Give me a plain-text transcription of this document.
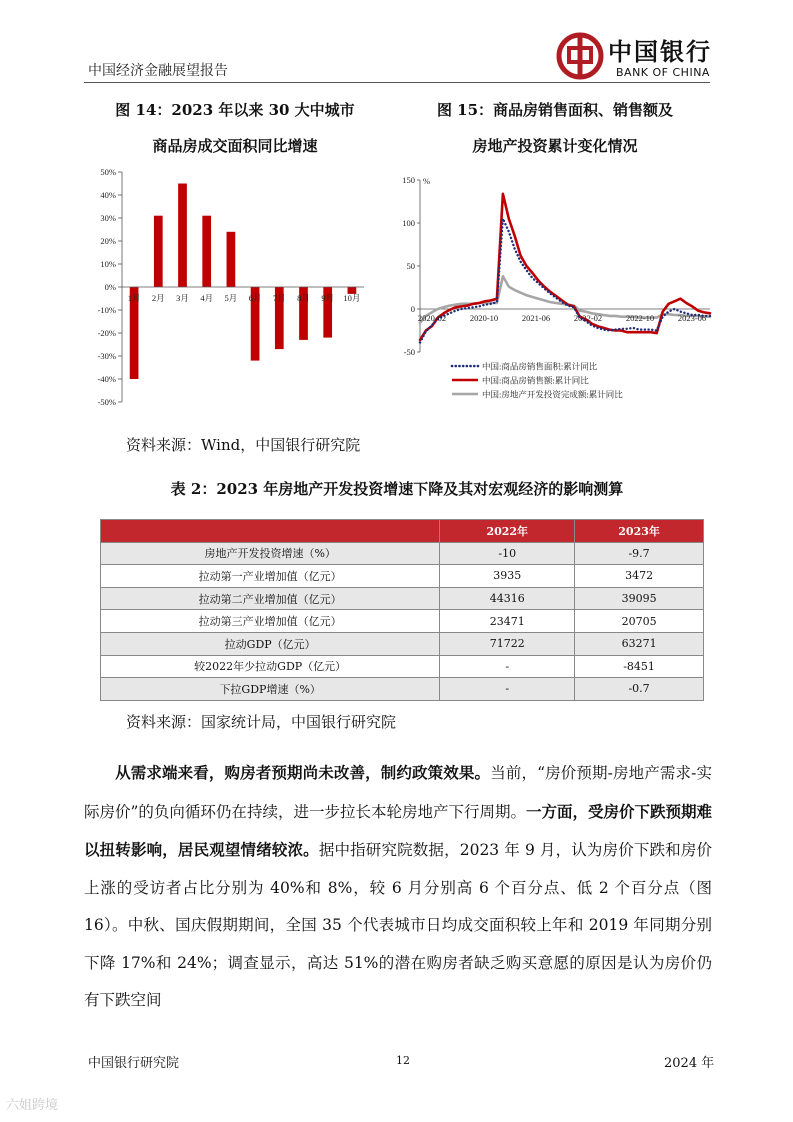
中国经济金融展望报告
中国银行
BANK OF CHINA
图 14：2023 年以来 30 大中城市
商品房成交面积同比增速
图 15：商品房销售面积、销售额及
房地产投资累计变化情况
50%
40%
30%
20%
10%
0%
-10%
-20%
-30%
-40%
-50%
1月 2月 3月 4月 5月 6月 7月 8月 9月 10月
%
150
100
50
0
-50
2020-02	2020-10	2021-06	2022-02	2022-10	2023-06
中国:商品房销售面积:累计同比
中国:商品房销售额:累计同比
中国:房地产开发投资完成额:累计同比
资料来源：Wind，中国银行研究院
表 2：2023 年房地产开发投资增速下降及其对宏观经济的影响测算
	2022年	2023年
房地产开发投资增速（%）	-10	-9.7
拉动第一产业增加值（亿元）	3935	3472
拉动第二产业增加值（亿元）	44316	39095
拉动第三产业增加值（亿元）	23471	20705
拉动GDP（亿元）	71722	63271
较2022年少拉动GDP（亿元）	-	-8451
下拉GDP增速（%）	-	-0.7
资料来源：国家统计局，中国银行研究院
从需求端来看，购房者预期尚未改善，制约政策效果。当前，“房价预期-房地产需求-实际房价”的负向循环仍在持续，进一步拉长本轮房地产下行周期。一方面，受房价下跌预期难以扭转影响，居民观望情绪较浓。据中指研究院数据，2023 年 9 月，认为房价下跌和房价上涨的受访者占比分别为 40%和 8%，较 6 月分别高 6 个百分点、低 2 个百分点（图 16）。中秋、国庆假期期间，全国 35 个代表城市日均成交面积较上年和 2019 年同期分别下降 17%和 24%；调查显示，高达 51%的潜在购房者缺乏购买意愿的原因是认为房价仍有下跌空间
中国银行研究院	12	2024 年
六姐跨境
